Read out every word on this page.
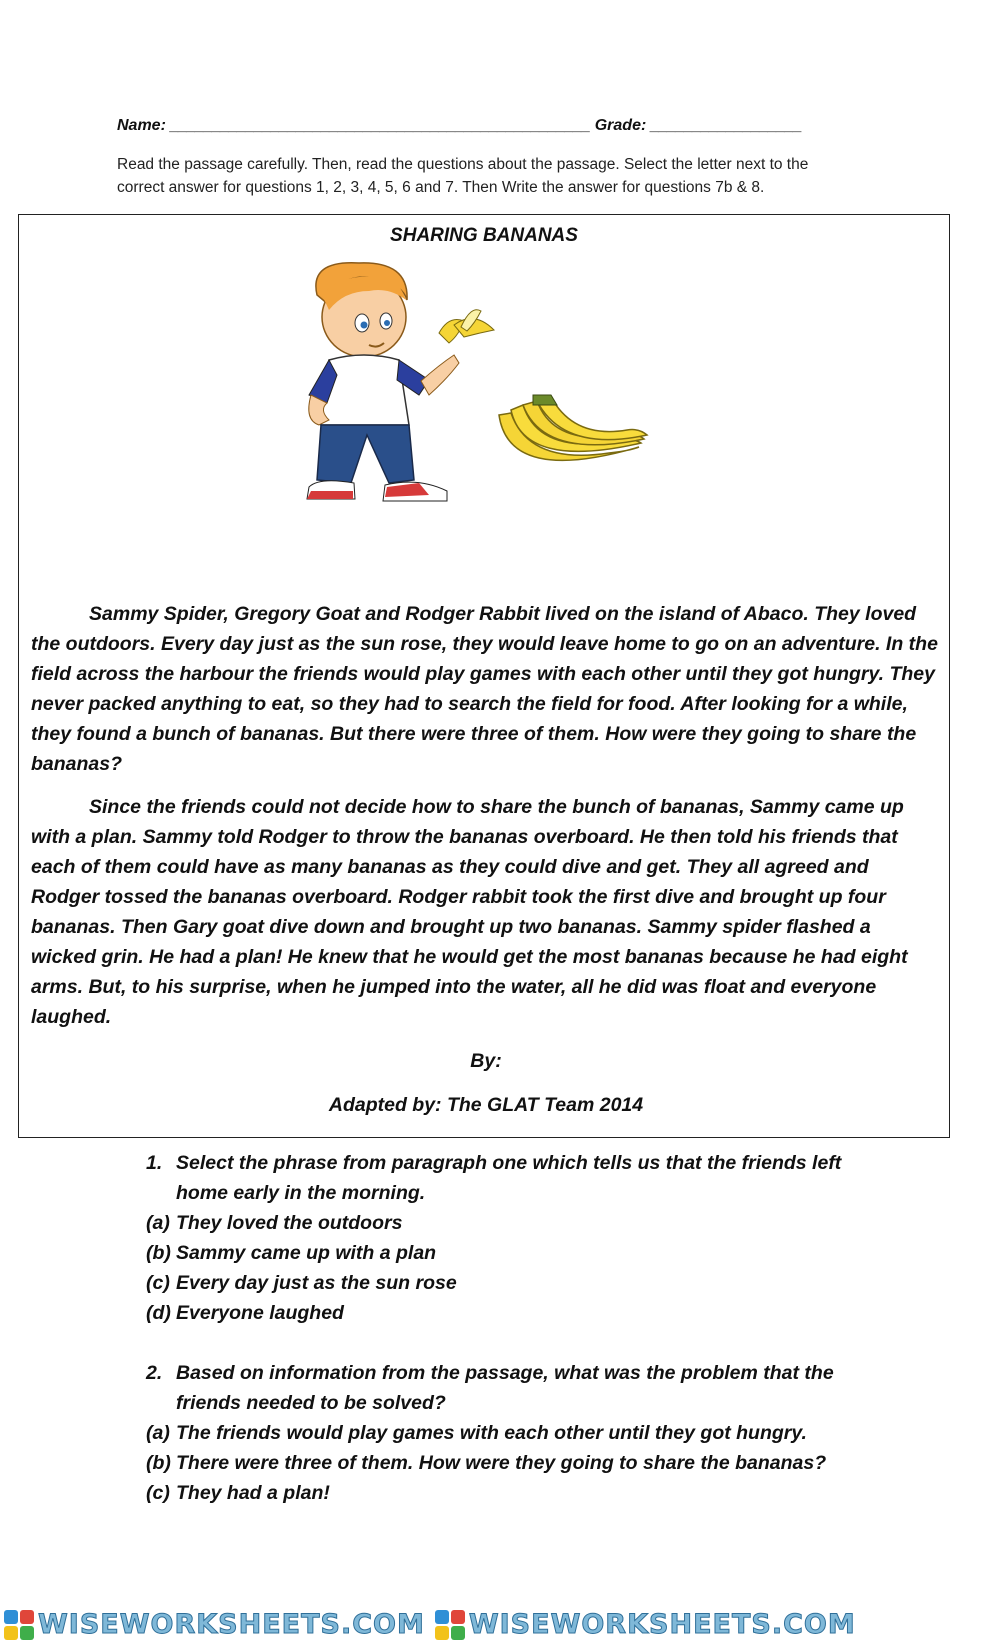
Name: __________________________________________________ Grade: __________________
Read the passage carefully. Then, read the questions about the passage. Select the letter next to the correct answer for questions 1, 2, 3, 4, 5, 6 and 7. Then Write the answer for questions 7b & 8.
SHARING BANANAS

Sammy Spider, Gregory Goat and Rodger Rabbit lived on the island of Abaco. They loved the outdoors. Every day just as the sun rose, they would leave home to go on an adventure. In the field across the harbour the friends would play games with each other until they got hungry. They never packed anything to eat, so they had to search the field for food. After looking for a while, they found a bunch of bananas. But there were three of them. How were they going to share the bananas?

Since the friends could not decide how to share the bunch of bananas, Sammy came up with a plan. Sammy told Rodger to throw the bananas overboard. He then told his friends that each of them could have as many bananas as they could dive and get. They all agreed and Rodger tossed the bananas overboard. Rodger rabbit took the first dive and brought up four bananas. Then Gary goat dive down and brought up two bananas. Sammy spider flashed a wicked grin. He had a plan! He knew that he would get the most bananas because he had eight arms. But, to his surprise, when he jumped into the water, all he did was float and everyone laughed.

By:
Adapted by: The GLAT Team 2014
1. Select the phrase from paragraph one which tells us that the friends left home early in the morning.
(a) They loved the outdoors
(b) Sammy came up with a plan
(c) Every day just as the sun rose
(d) Everyone laughed
2. Based on information from the passage, what was the problem that the friends needed to be solved?
(a) The friends would play games with each other until they got hungry.
(b) There were three of them. How were they going to share the bananas?
(c) They had a plan!
WISEWORKSHEETS.COM WISEWORKSHEETS.COM
